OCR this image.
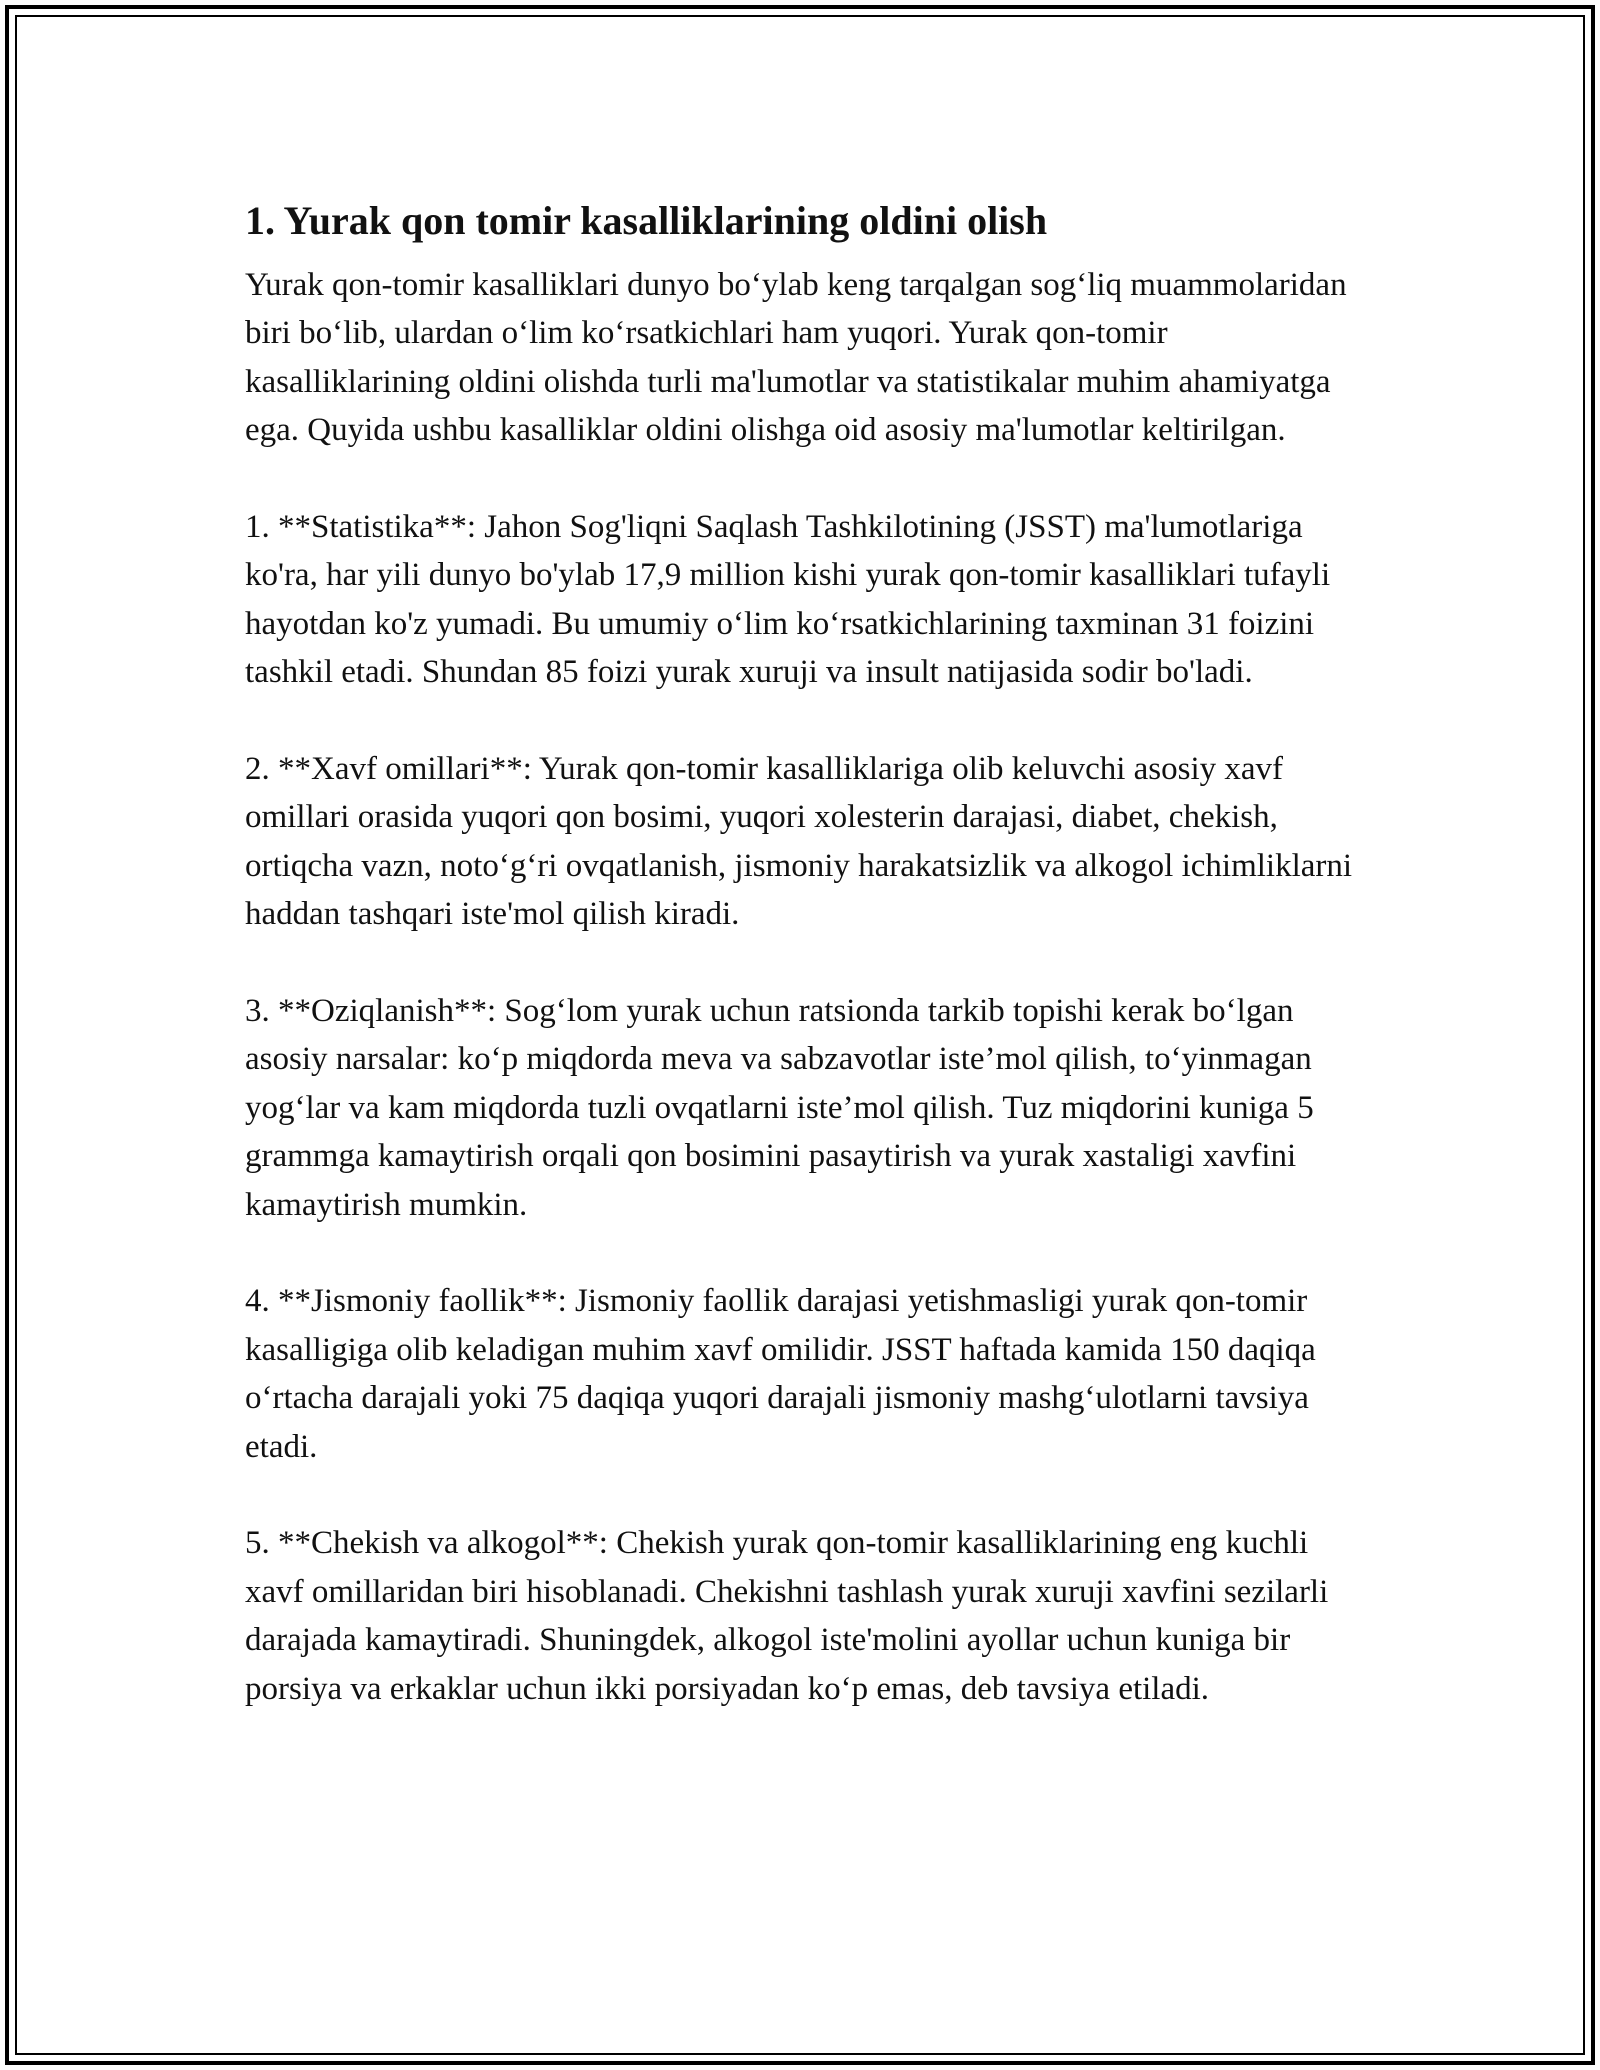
1. Yurak qon tomir kasalliklarining oldini olish
Yurak qon-tomir kasalliklari dunyo bo‘ylab keng tarqalgan sog‘liq muammolaridan biri bo‘lib, ulardan o‘lim ko‘rsatkichlari ham yuqori. Yurak qon-tomir kasalliklarining oldini olishda turli ma'lumotlar va statistikalar muhim ahamiyatga ega. Quyida ushbu kasalliklar oldini olishga oid asosiy ma'lumotlar keltirilgan.
1. **Statistika**: Jahon Sog'liqni Saqlash Tashkilotining (JSST) ma'lumotlariga ko'ra, har yili dunyo bo'ylab 17,9 million kishi yurak qon-tomir kasalliklari tufayli hayotdan ko'z yumadi. Bu umumiy o‘lim ko‘rsatkichlarining taxminan 31 foizini tashkil etadi. Shundan 85 foizi yurak xuruji va insult natijasida sodir bo'ladi.
2. **Xavf omillari**: Yurak qon-tomir kasalliklariga olib keluvchi asosiy xavf omillari orasida yuqori qon bosimi, yuqori xolesterin darajasi, diabet, chekish, ortiqcha vazn, noto‘g‘ri ovqatlanish, jismoniy harakatsizlik va alkogol ichimliklarni haddan tashqari iste'mol qilish kiradi.
3. **Oziqlanish**: Sog‘lom yurak uchun ratsionda tarkib topishi kerak bo‘lgan asosiy narsalar: ko‘p miqdorda meva va sabzavotlar iste’mol qilish, to‘yinmagan yog‘lar va kam miqdorda tuzli ovqatlarni iste’mol qilish. Tuz miqdorini kuniga 5 grammga kamaytirish orqali qon bosimini pasaytirish va yurak xastaligi xavfini kamaytirish mumkin.
4. **Jismoniy faollik**: Jismoniy faollik darajasi yetishmasligi yurak qon-tomir kasalligiga olib keladigan muhim xavf omilidir. JSST haftada kamida 150 daqiqa o‘rtacha darajali yoki 75 daqiqa yuqori darajali jismoniy mashg‘ulotlarni tavsiya etadi.
5. **Chekish va alkogol**: Chekish yurak qon-tomir kasalliklarining eng kuchli xavf omillaridan biri hisoblanadi. Chekishni tashlash yurak xuruji xavfini sezilarli darajada kamaytiradi. Shuningdek, alkogol iste'molini ayollar uchun kuniga bir porsiya va erkaklar uchun ikki porsiyadan ko‘p emas, deb tavsiya etiladi.
